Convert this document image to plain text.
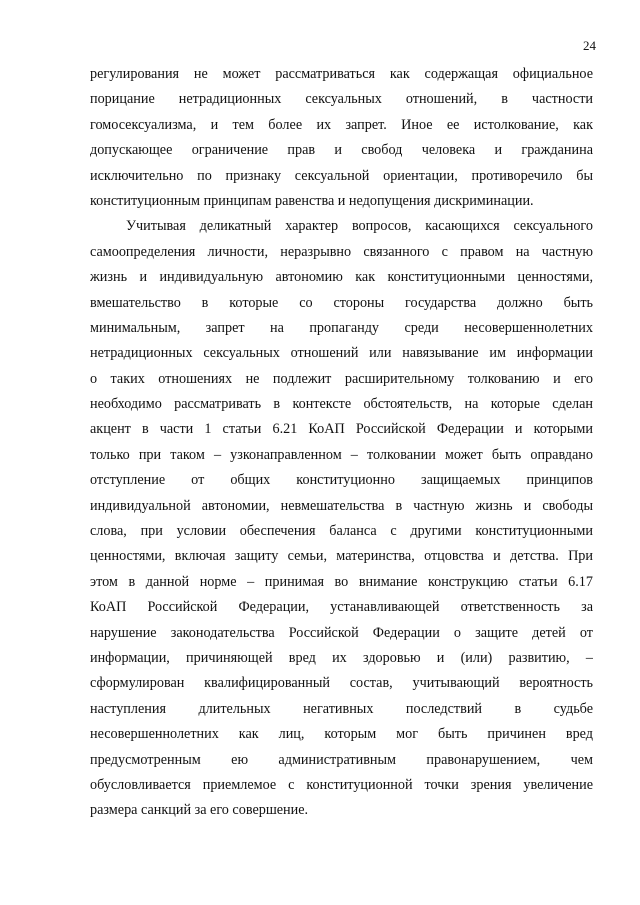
24
регулирования не может рассматриваться как содержащая официальное
порицание нетрадиционных сексуальных отношений, в частности
гомосексуализма, и тем более их запрет. Иное ее истолкование, как
допускающее ограничение прав и свобод человека и гражданина
исключительно по признаку сексуальной ориентации, противоречило бы
конституционным принципам равенства и недопущения дискриминации.
Учитывая деликатный характер вопросов, касающихся сексуального
самоопределения личности, неразрывно связанного с правом на частную
жизнь и индивидуальную автономию как конституционными ценностями,
вмешательство в которые со стороны государства должно быть
минимальным, запрет на пропаганду среди несовершеннолетних
нетрадиционных сексуальных отношений или навязывание им информации
о таких отношениях не подлежит расширительному толкованию и его
необходимо рассматривать в контексте обстоятельств, на которые сделан
акцент в части 1 статьи 6.21 КоАП Российской Федерации и которыми
только при таком – узконаправленном – толковании может быть оправдано
отступление от общих конституционно защищаемых принципов
индивидуальной автономии, невмешательства в частную жизнь и свободы
слова, при условии обеспечения баланса с другими конституционными
ценностями, включая защиту семьи, материнства, отцовства и детства. При
этом в данной норме – принимая во внимание конструкцию статьи 6.17
КоАП Российской Федерации, устанавливающей ответственность за
нарушение законодательства Российской Федерации о защите детей от
информации, причиняющей вред их здоровью и (или) развитию, –
сформулирован квалифицированный состав, учитывающий вероятность
наступления длительных негативных последствий в судьбе
несовершеннолетних как лиц, которым мог быть причинен вред
предусмотренным ею административным правонарушением, чем
обусловливается приемлемое с конституционной точки зрения увеличение
размера санкций за его совершение.
